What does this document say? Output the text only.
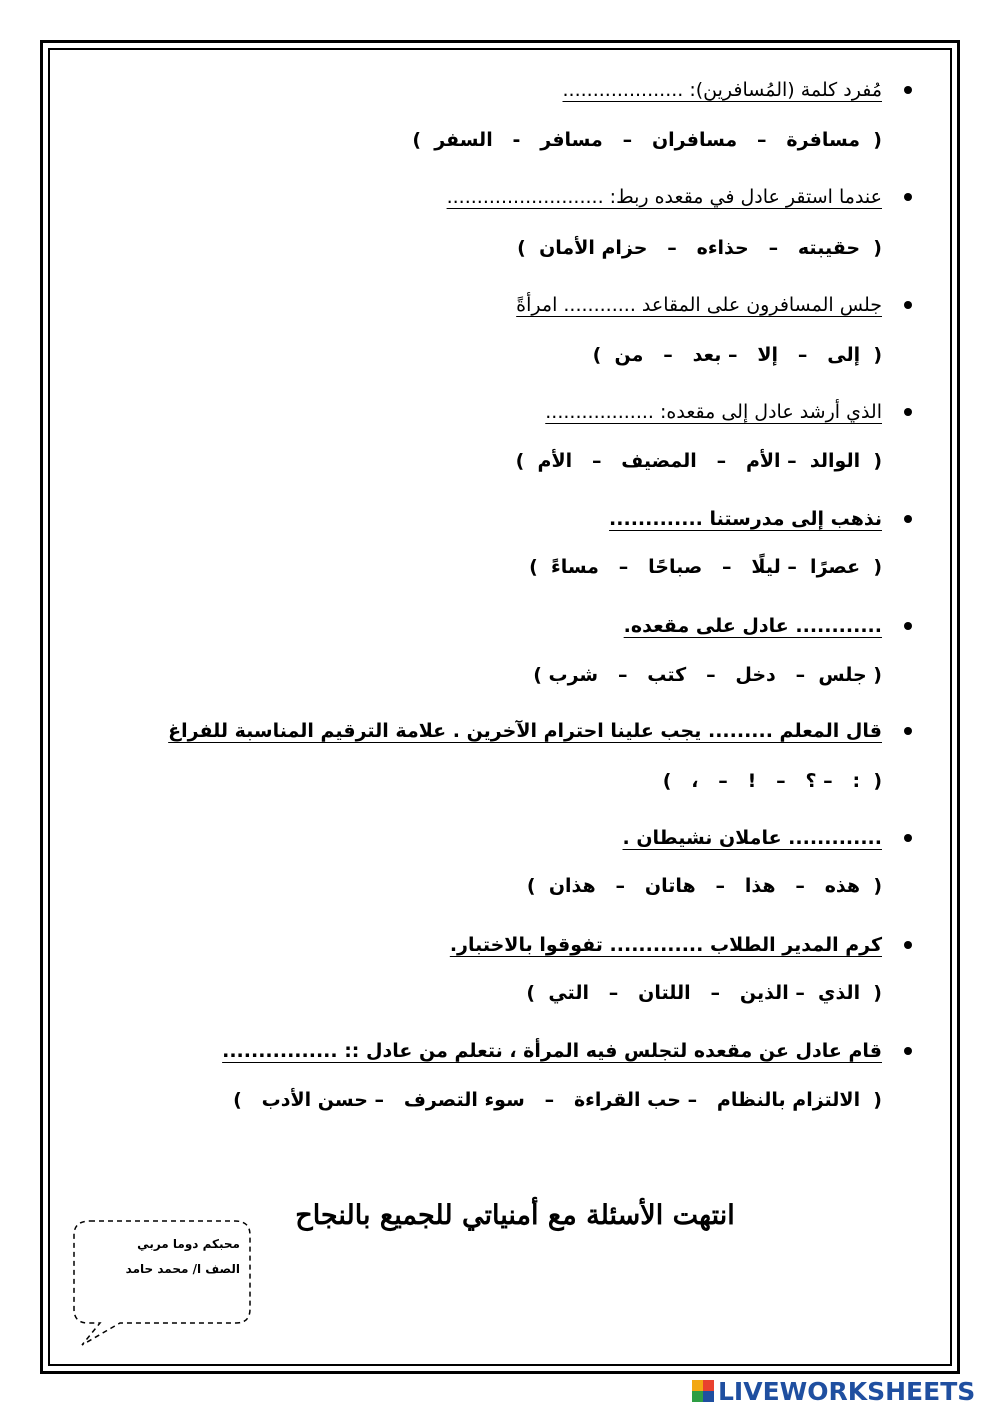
مُفرد كلمة (المُسافرين): ....................
(  مسافرة   –   مسافران   –   مسافر   -   السفر  )
عندما استقر عادل في مقعده ربط: ..........................
(  حقيبته   –   حذاءه   –   حزام الأمان  )
جلس المسافرون على المقاعد ............ امرأةً
(  إلى   –   إلا   – بعد   –   من  )
الذي أرشد عادل إلى مقعده: ..................
(  الوالد  – الأم   –   المضيف   –   الأم  )
نذهب إلى مدرستنا .............
(  عصرًا  – ليلًا   –   صباحًا   –   مساءً  )
............ عادل على مقعده.
( جلس  –   دخل   –   كتب   –   شرب )
قال المعلم ......... يجب علينا احترام الآخرين . علامة الترقيم المناسبة للفراغ
(  :   – ؟   –   !   –   ،   )
............. عاملان نشيطان .
(  هذه   –   هذا   –   هاتان   –   هذان  )
كرم المدير الطلاب ............. تفوقوا بالاختبار.
(  الذي  – الذين   –   اللتان   –   التي  )
قام عادل عن مقعده لتجلس فيه المرأة ، نتعلم من عادل :: ................
(  الالتزام بالنظام   – حب القراءة   –   سوء التصرف   – حسن الأدب   )
انتهت الأسئلة مع أمنياتي للجميع بالنجاح
محبكم دوما مربي
الصف ا/ محمد حامد
LIVEWORKSHEETS
